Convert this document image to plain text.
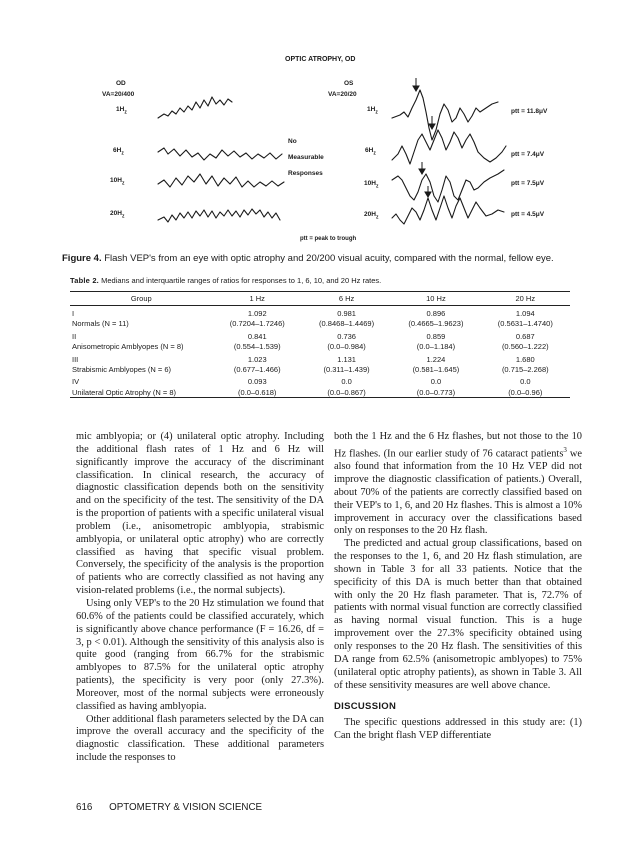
OPTIC ATROPHY, OD
OD
VA=20/400
OS
VA=20/20
$1H_z$
$6H_z$
$10H_z$
$20H_z$
$1H_z$
$6H_z$
$10H_z$
$20H_z$
No
Measurable
Responses
ptt = 11.8μV
ptt = 7.4μV
ptt = 7.5μV
ptt = 4.5μV
ptt = peak to trough
Figure 4. Flash VEP's from an eye with optic atrophy and 20/200 visual acuity, compared with the normal, fellow eye.
Table 2. Medians and interquartile ranges of ratios for responses to 1, 6, 10, and 20 Hz rates.
Group	1 Hz	6 Hz	10 Hz	20 Hz
I	1.092	0.981	0.896	1.094
Normals (N = 11)	(0.7204–1.7246)	(0.8468–1.4469)	(0.4665–1.9623)	(0.5631–1.4740)
II	0.841	0.736	0.859	0.687
Anisometropic Amblyopes (N = 8)	(0.554–1.539)	(0.0–0.984)	(0.0–1.184)	(0.560–1.222)
III	1.023	1.131	1.224	1.680
Strabismic Amblyopes (N = 6)	(0.677–1.466)	(0.311–1.439)	(0.581–1.645)	(0.715–2.268)
IV	0.093	0.0	0.0	0.0
Unilateral Optic Atrophy (N = 8)	(0.0–0.618)	(0.0–0.867)	(0.0–0.773)	(0.0–0.96)

mic amblyopia; or (4) unilateral optic atrophy. Including the additional flash rates of 1 Hz and 6 Hz will significantly improve the accuracy of the discriminant classification. In clinical research, the accuracy of diagnostic classification depends both on the sensitivity and on the specificity of the test. The sensitivity of the DA is the proportion of patients with a specific unilateral visual problem (i.e., anisometropic amblyopia, strabismic amblyopia, or unilateral optic atrophy) who are correctly classified as having that specific visual problem. Conversely, the specificity of the analysis is the proportion of patients who are correctly classified as not having any vision-related problems (i.e., the normal subjects).

Using only VEP's to the 20 Hz stimulation we found that 60.6% of the patients could be classified accurately, which is significantly above chance performance (F = 16.26, df = 3, p < 0.01). Although the sensitivity of this analysis also is quite good (ranging from 66.7% for the strabismic amblyopes to 87.5% for the unilateral optic atrophy patients), the specificity is very poor (only 27.3%). Moreover, most of the normal subjects were erroneously classified as having amblyopia.

Other additional flash parameters selected by the DA can improve the overall accuracy and the specificity of the diagnostic classification. These additional parameters include the responses to

both the 1 Hz and the 6 Hz flashes, but not those to the 10 Hz flashes. (In our earlier study of 76 cataract patients$^3$ we also found that information from the 10 Hz VEP did not improve the diagnostic classification of patients.) Overall, about 70% of the patients are correctly classified based on their VEP's to 1, 6, and 20 Hz flashes. This is almost a 10% improvement in accuracy over the classifications based only on responses to the 20 Hz flash.

The predicted and actual group classifications, based on the responses to the 1, 6, and 20 Hz flash stimulation, are shown in Table 3 for all 33 patients. Notice that the specificity of this DA is much better than that obtained with only the 20 Hz flash parameter. That is, 72.7% of patients with normal visual function are correctly classified as having normal visual function. This is a huge improvement over the 27.3% specificity obtained using only responses to the 20 Hz flash. The sensitivities of this DA range from 62.5% (anisometropic amblyopes) to 75% (unilateral optic atrophy patients), as shown in Table 3. All of these sensitivity measures are well above chance.

DISCUSSION

The specific questions addressed in this study are: (1) Can the bright flash VEP differentiate

616 OPTOMETRY & VISION SCIENCE
